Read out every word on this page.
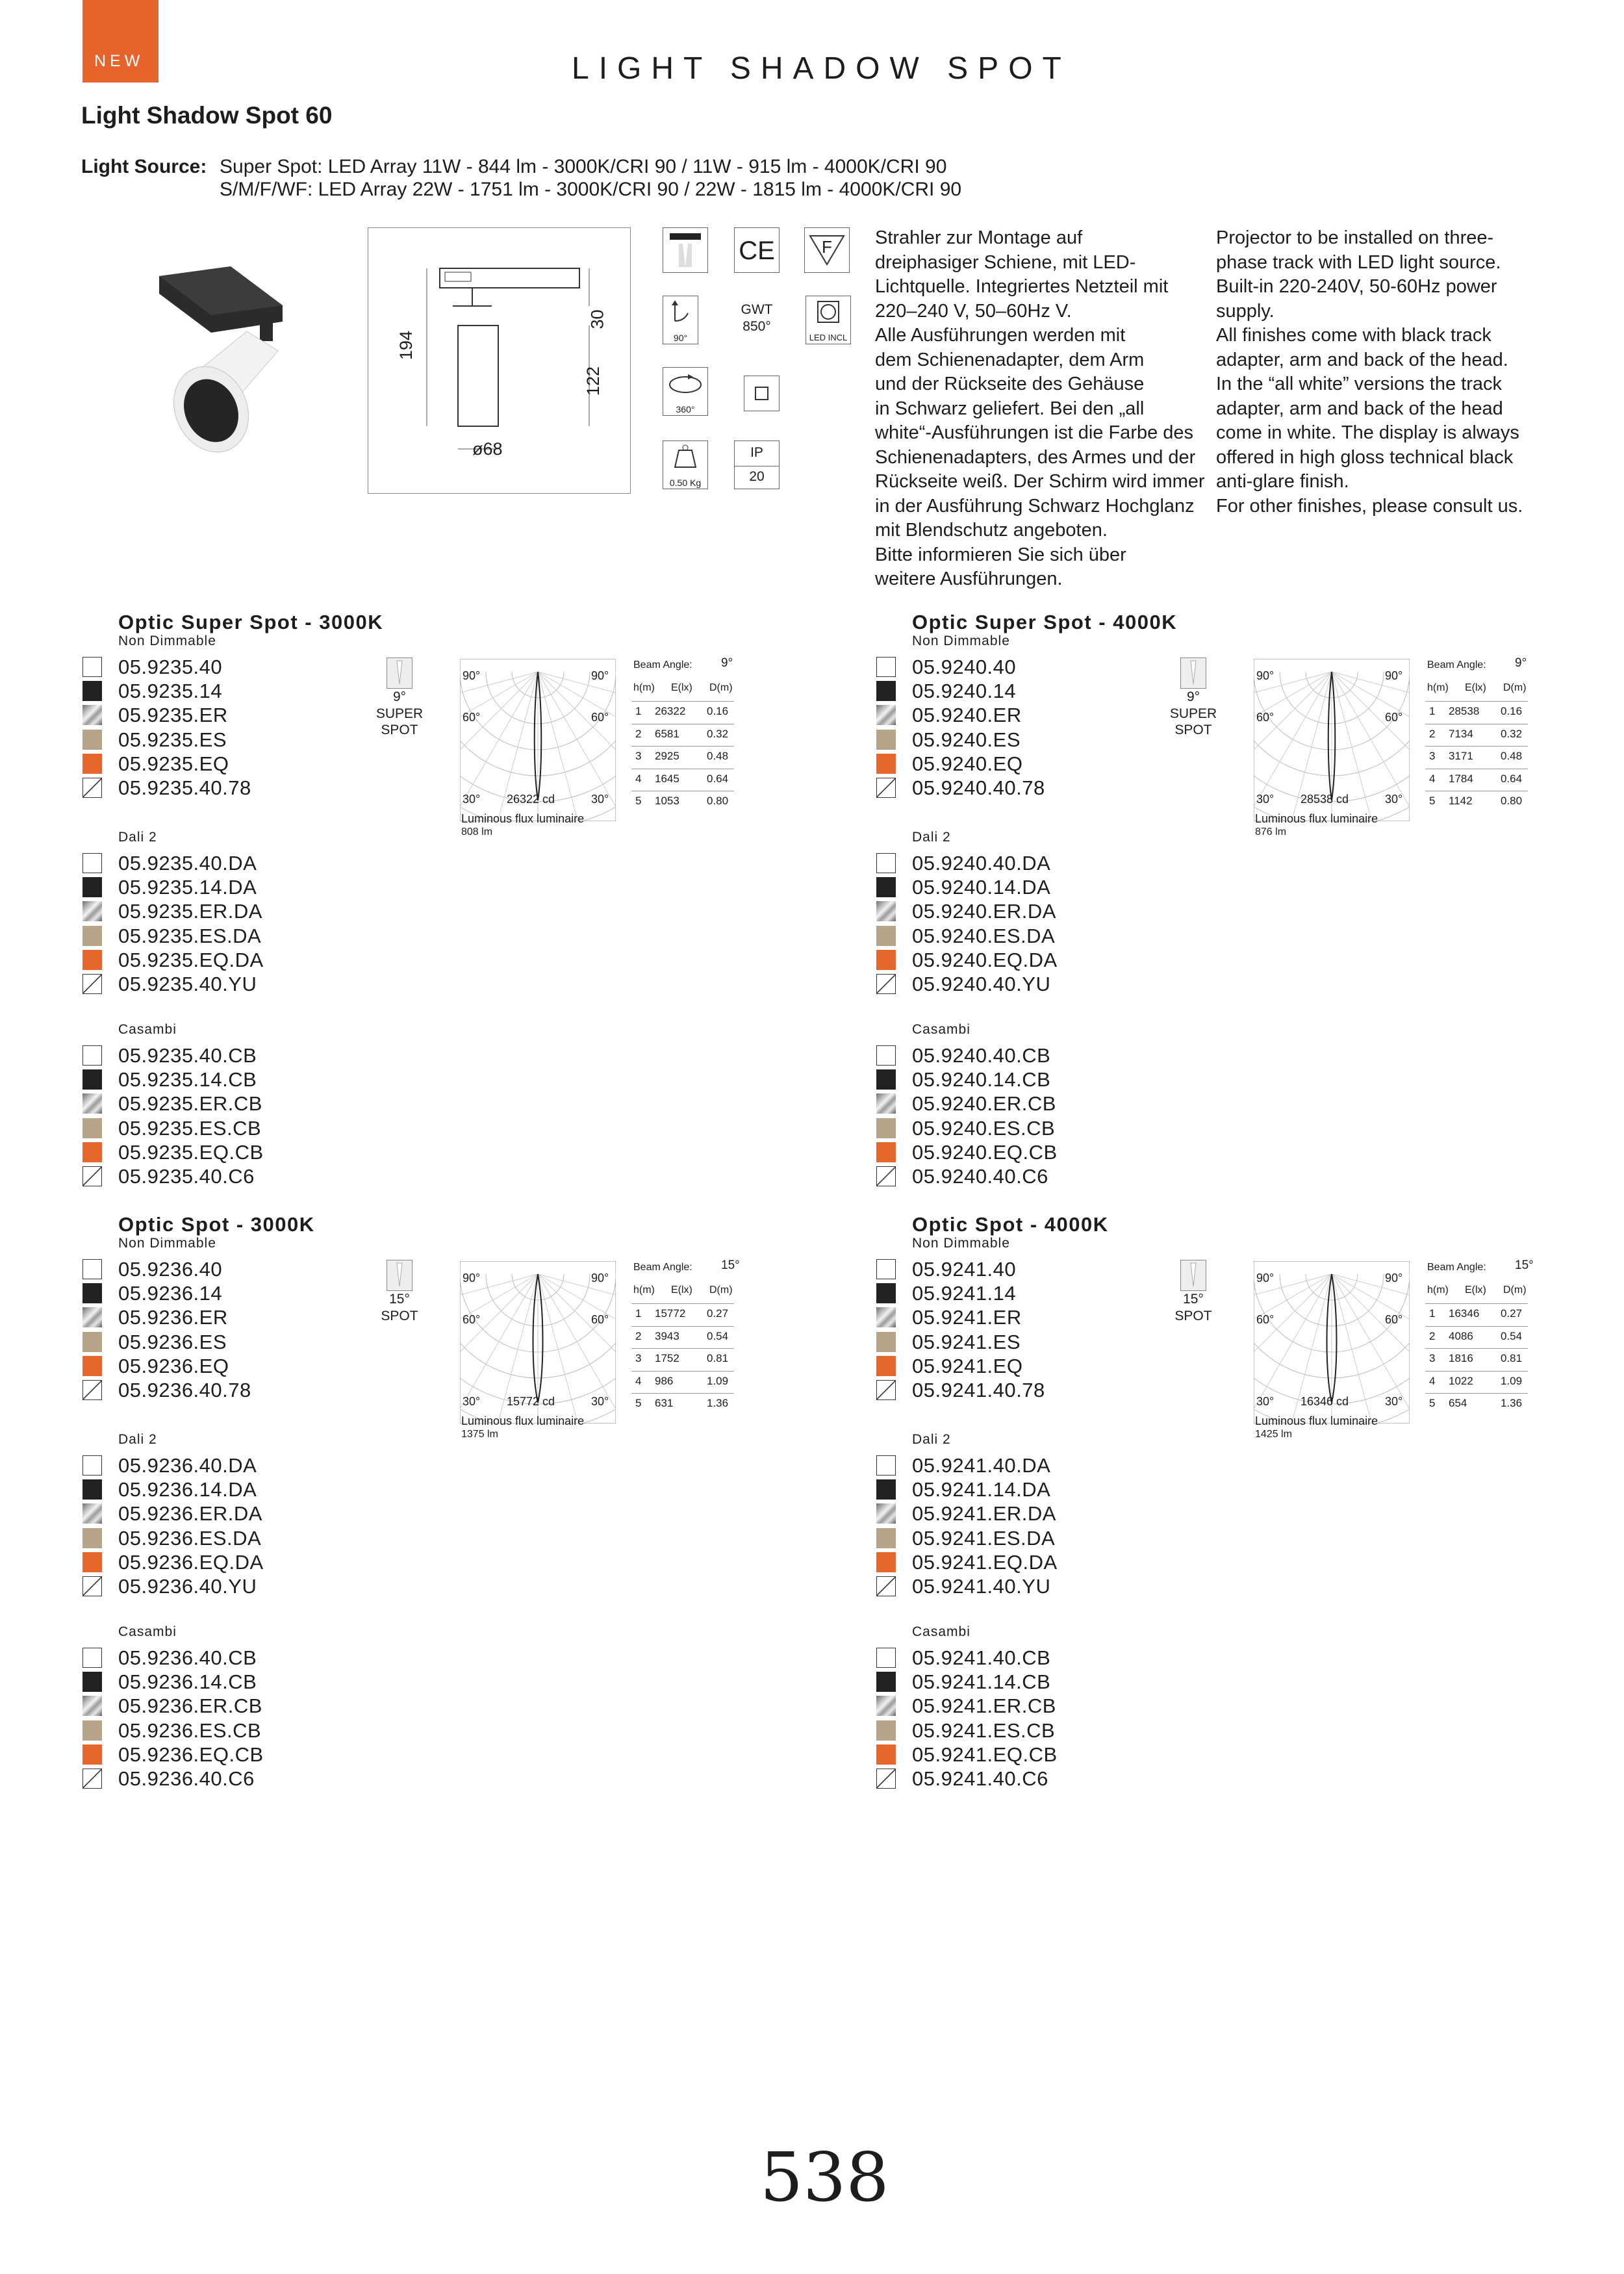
NEW	LIGHT SHADOW SPOT
Light Shadow Spot 60
Light Source: Super Spot: LED Array 11W - 844 lm - 3000K/CRI 90 / 11W - 915 lm - 4000K/CRI 90
S/M/F/WF: LED Array 22W - 1751 lm - 3000K/CRI 90 / 22W - 1815 lm - 4000K/CRI 90
194
30
122
ø68
CE	F
90°
GWT
850°
LED INCL
360°
0.50 Kg
IP
20
Strahler zur Montage auf
dreiphasiger Schiene, mit LED-
Lichtquelle. Integriertes Netzteil mit
220–240 V, 50–60Hz V.
Alle Ausführungen werden mit
dem Schienenadapter, dem Arm
und der Rückseite des Gehäuse
in Schwarz geliefert. Bei den „all
white“-Ausführungen ist die Farbe des
Schienenadapters, des Armes und der
Rückseite weiß. Der Schirm wird immer
in der Ausführung Schwarz Hochglanz
mit Blendschutz angeboten.
Bitte informieren Sie sich über
weitere Ausführungen.
Projector to be installed on three-
phase track with LED light source.
Built-in 220-240V, 50-60Hz power
supply.
All finishes come with black track
adapter, arm and back of the head.
In the “all white” versions the track
adapter, arm and back of the head
come in white. The display is always
offered in high gloss technical black
anti-glare finish.
For other finishes, please consult us.
Optic Super Spot - 3000K
Non Dimmable
05.9235.40
05.9235.14
05.9235.ER
05.9235.ES
05.9235.EQ
05.9235.40.78
Dali 2
05.9235.40.DA
05.9235.14.DA
05.9235.ER.DA
05.9235.ES.DA
05.9235.EQ.DA
05.9235.40.YU
Casambi
05.9235.40.CB
05.9235.14.CB
05.9235.ER.CB
05.9235.ES.CB
05.9235.EQ.CB
05.9235.40.C6
9°
SUPER
SPOT
90°	90°
60°	60°
30°	30°
26322 cd
Luminous flux luminaire
808 lm
Beam Angle: 9°
h(m) E(lx) D(m)
1 26322 0.16
2 6581 0.32
3 2925 0.48
4 1645 0.64
5 1053 0.80
Optic Super Spot - 4000K
Non Dimmable
05.9240.40
05.9240.14
05.9240.ER
05.9240.ES
05.9240.EQ
05.9240.40.78
Dali 2
05.9240.40.DA
05.9240.14.DA
05.9240.ER.DA
05.9240.ES.DA
05.9240.EQ.DA
05.9240.40.YU
Casambi
05.9240.40.CB
05.9240.14.CB
05.9240.ER.CB
05.9240.ES.CB
05.9240.EQ.CB
05.9240.40.C6
9°
SUPER
SPOT
90°	90°
60°	60°
30°	30°
28538 cd
Luminous flux luminaire
876 lm
Beam Angle: 9°
h(m) E(lx) D(m)
1 28538 0.16
2 7134 0.32
3 3171 0.48
4 1784 0.64
5 1142	0.80
Optic Spot - 3000K
Non Dimmable
05.9236.40
05.9236.14
05.9236.ER
05.9236.ES
05.9236.EQ
05.9236.40.78
Dali 2
05.9236.40.DA
05.9236.14.DA
05.9236.ER.DA
05.9236.ES.DA
05.9236.EQ.DA
05.9236.40.YU
Casambi
05.9236.40.CB
05.9236.14.CB
05.9236.ER.CB
05.9236.ES.CB
05.9236.EQ.CB
05.9236.40.C6
15°
SPOT
90°	90°
60°	60°
30°	30°
15772 cd
Luminous flux luminaire
1375 lm
Beam Angle: 15°
h(m) E(lx) D(m)
1 15772 0.27
2 3943 0.54
3 1752 0.81
4 986	1.09
5 631	1.36
Optic Spot - 4000K
Non Dimmable
05.9241.40
05.9241.14
05.9241.ER
05.9241.ES
05.9241.EQ
05.9241.40.78
Dali 2
05.9241.40.DA
05.9241.14.DA
05.9241.ER.DA
05.9241.ES.DA
05.9241.EQ.DA
05.9241.40.YU
Casambi
05.9241.40.CB
05.9241.14.CB
05.9241.ER.CB
05.9241.ES.CB
05.9241.EQ.CB
05.9241.40.C6
15°
SPOT
90°	90°
60°	60°
30°	30°
16346 cd
Luminous flux luminaire
1425 lm
Beam Angle: 15°
h(m) E(lx) D(m)
1 16346 0.27
2 4086 0.54
3 1816 0.81
4 1022 1.09
5 654	1.36
538
